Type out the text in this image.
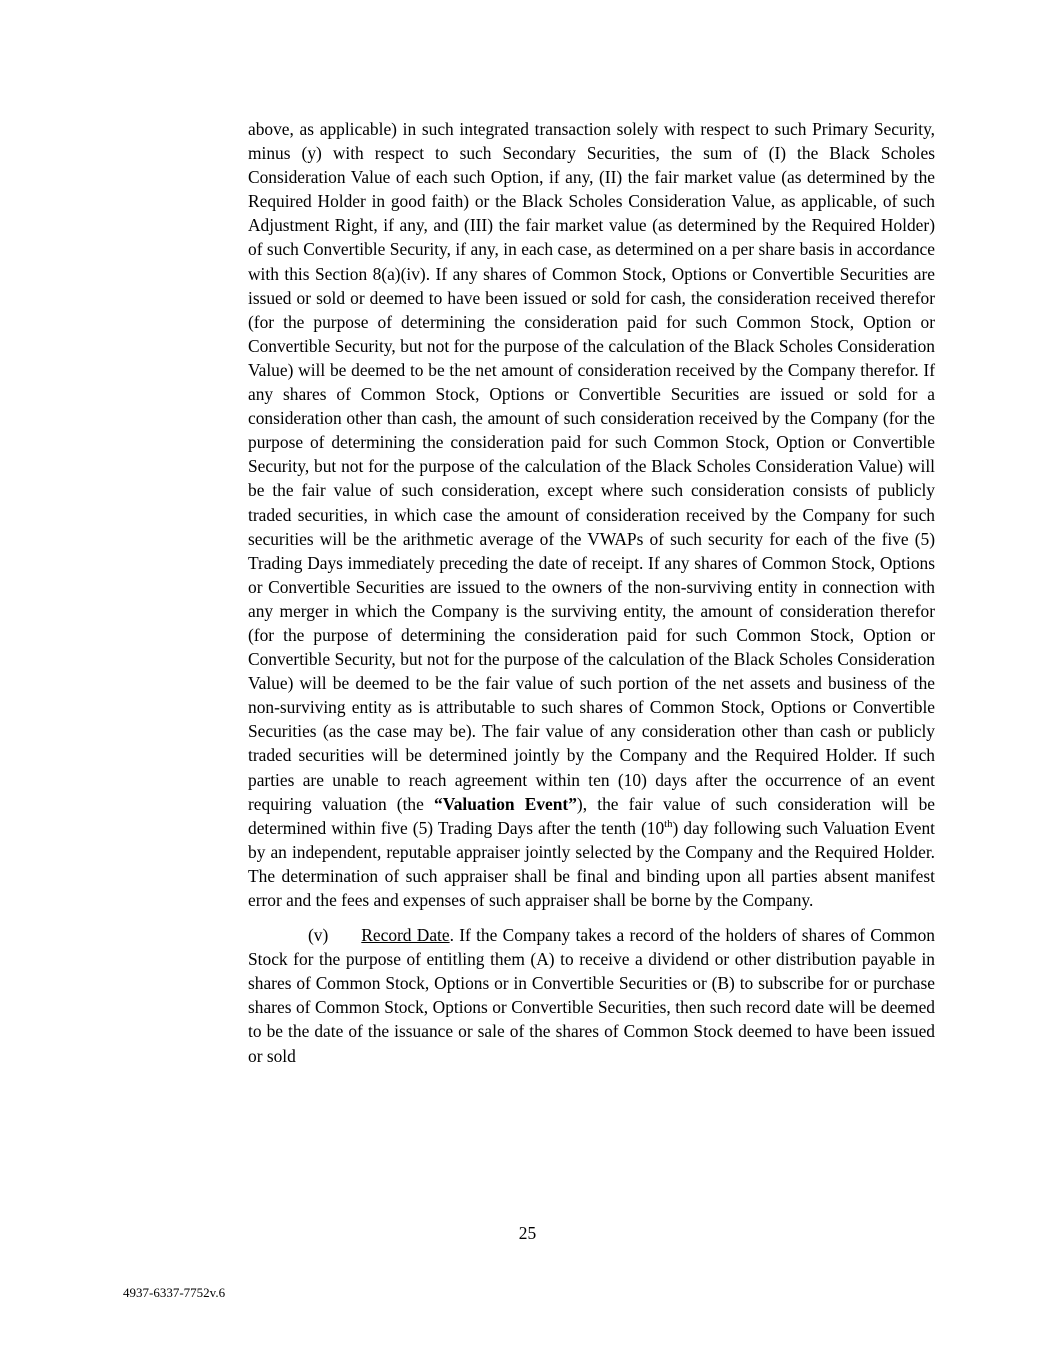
above, as applicable) in such integrated transaction solely with respect to such Primary Security, minus (y) with respect to such Secondary Securities, the sum of (I) the Black Scholes Consideration Value of each such Option, if any, (II) the fair market value (as determined by the Required Holder in good faith) or the Black Scholes Consideration Value, as applicable, of such Adjustment Right, if any, and (III) the fair market value (as determined by the Required Holder) of such Convertible Security, if any, in each case, as determined on a per share basis in accordance with this Section 8(a)(iv). If any shares of Common Stock, Options or Convertible Securities are issued or sold or deemed to have been issued or sold for cash, the consideration received therefor (for the purpose of determining the consideration paid for such Common Stock, Option or Convertible Security, but not for the purpose of the calculation of the Black Scholes Consideration Value) will be deemed to be the net amount of consideration received by the Company therefor. If any shares of Common Stock, Options or Convertible Securities are issued or sold for a consideration other than cash, the amount of such consideration received by the Company (for the purpose of determining the consideration paid for such Common Stock, Option or Convertible Security, but not for the purpose of the calculation of the Black Scholes Consideration Value) will be the fair value of such consideration, except where such consideration consists of publicly traded securities, in which case the amount of consideration received by the Company for such securities will be the arithmetic average of the VWAPs of such security for each of the five (5) Trading Days immediately preceding the date of receipt. If any shares of Common Stock, Options or Convertible Securities are issued to the owners of the non-surviving entity in connection with any merger in which the Company is the surviving entity, the amount of consideration therefor (for the purpose of determining the consideration paid for such Common Stock, Option or Convertible Security, but not for the purpose of the calculation of the Black Scholes Consideration Value) will be deemed to be the fair value of such portion of the net assets and business of the non-surviving entity as is attributable to such shares of Common Stock, Options or Convertible Securities (as the case may be). The fair value of any consideration other than cash or publicly traded securities will be determined jointly by the Company and the Required Holder. If such parties are unable to reach agreement within ten (10) days after the occurrence of an event requiring valuation (the “Valuation Event”), the fair value of such consideration will be determined within five (5) Trading Days after the tenth (10th) day following such Valuation Event by an independent, reputable appraiser jointly selected by the Company and the Required Holder. The determination of such appraiser shall be final and binding upon all parties absent manifest error and the fees and expenses of such appraiser shall be borne by the Company.

(v) Record Date. If the Company takes a record of the holders of shares of Common Stock for the purpose of entitling them (A) to receive a dividend or other distribution payable in shares of Common Stock, Options or in Convertible Securities or (B) to subscribe for or purchase shares of Common Stock, Options or Convertible Securities, then such record date will be deemed to be the date of the issuance or sale of the shares of Common Stock deemed to have been issued or sold

25
4937-6337-7752v.6
